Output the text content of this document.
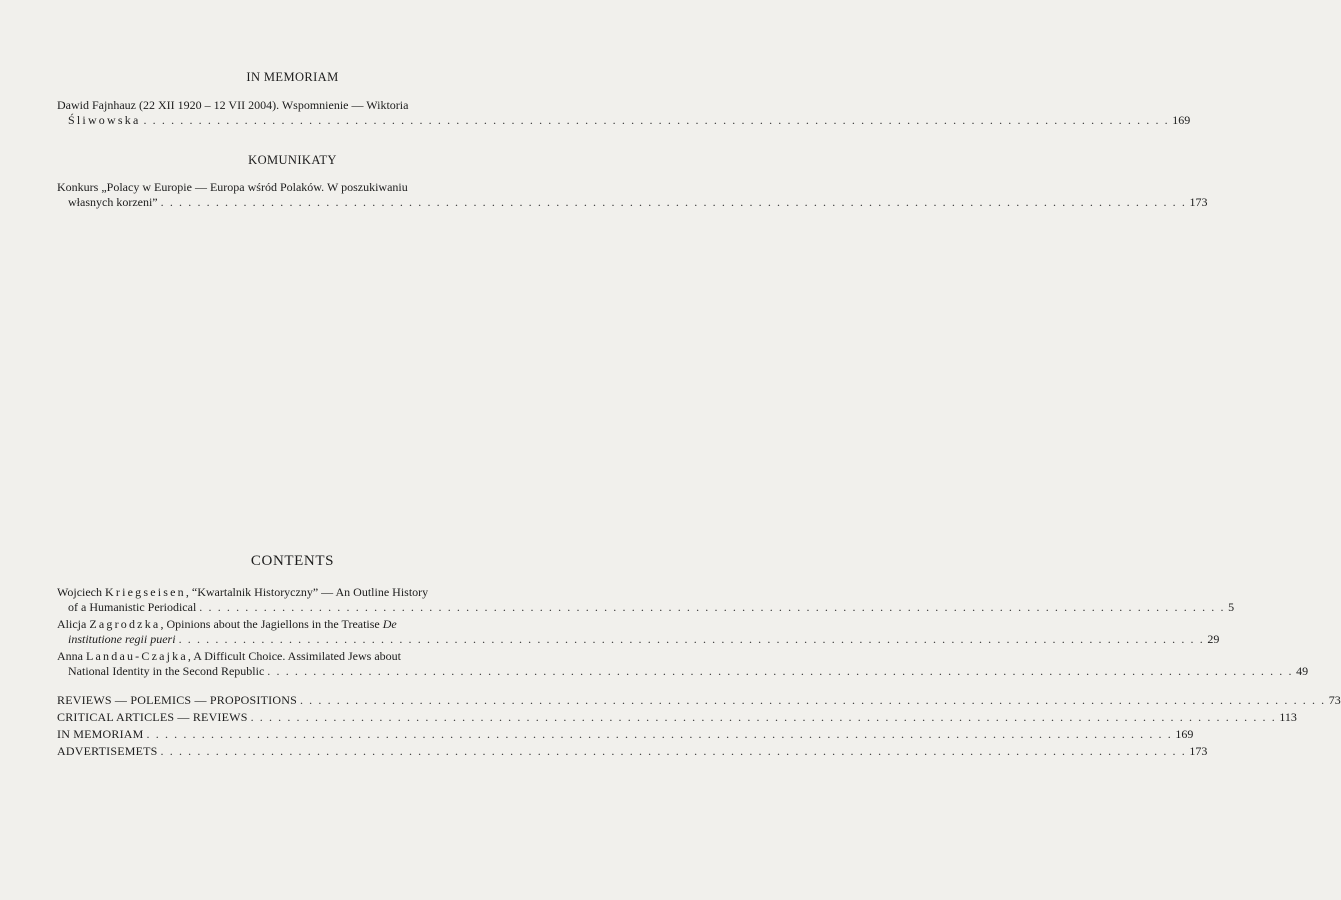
IN MEMORIAM
Dawid Fajnhauz (22 XII 1920 – 12 VII 2004). Wspomnienie — Wiktoria
Śliwowska . . .	169
KOMUNIKATY
Konkurs „Polacy w Europie — Europa wśród Polaków. W poszukiwaniu
własnych korzeni” . . .	173
CONTENTS
Wojciech Kriegseisen, “Kwartalnik Historyczny” — An Outline History
of a Humanistic Periodical . . .	5
Alicja Zagrodzka, Opinions about the Jagiellons in the Treatise De
institutione regii pueri . . .	29
Anna Landau-Czajka, A Difficult Choice. Assimilated Jews about
National Identity in the Second Republic . . .	49
REVIEWS — POLEMICS — PROPOSITIONS . . .	73
CRITICAL ARTICLES — REVIEWS . . .	113
IN MEMORIAM . . .	169
ADVERTISEMETS . . .	173
